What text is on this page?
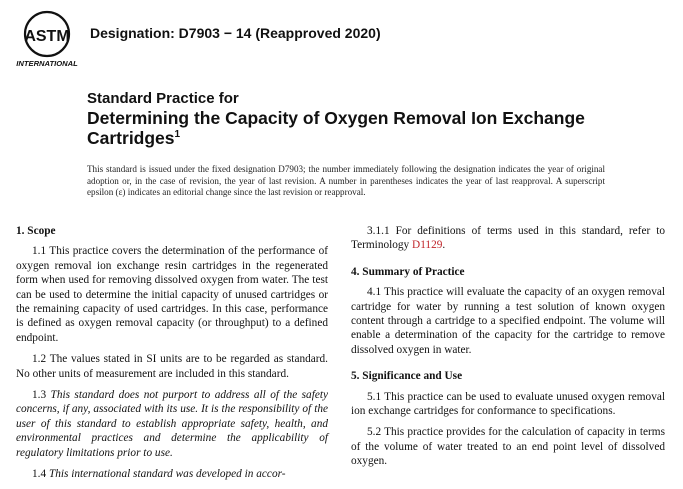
ASTM
INTERNATIONAL
Designation: D7903 − 14 (Reapproved 2020)
Standard Practice for
Determining the Capacity of Oxygen Removal Ion Exchange Cartridges$^1$
This standard is issued under the fixed designation D7903; the number immediately following the designation indicates the year of original adoption or, in the case of revision, the year of last revision. A number in parentheses indicates the year of last reapproval. A superscript epsilon (ε) indicates an editorial change since the last revision or reapproval.
1. Scope

1.1 This practice covers the determination of the performance of oxygen removal ion exchange resin cartridges in the regenerated form when used for removing dissolved oxygen from water. The test can be used to determine the initial capacity of unused cartridges or the remaining capacity of used cartridges. In this case, performance is defined as oxygen removal capacity (or throughput) to a defined endpoint.

1.2 The values stated in SI units are to be regarded as standard. No other units of measurement are included in this standard.

1.3 This standard does not purport to address all of the safety concerns, if any, associated with its use. It is the responsibility of the user of this standard to establish appropriate safety, health, and environmental practices and determine the applicability of regulatory limitations prior to use.

1.4 This international standard was developed in accor-

3.1.1 For definitions of terms used in this standard, refer to Terminology D1129.

4. Summary of Practice

4.1 This practice will evaluate the capacity of an oxygen removal cartridge for water by running a test solution of known oxygen content through a cartridge to a specified endpoint. The volume will enable a determination of the capacity for the cartridge to remove dissolved oxygen in water.

5. Significance and Use

5.1 This practice can be used to evaluate unused oxygen removal ion exchange cartridges for conformance to specifications.

5.2 This practice provides for the calculation of capacity in terms of the volume of water treated to an end point level of dissolved oxygen.
